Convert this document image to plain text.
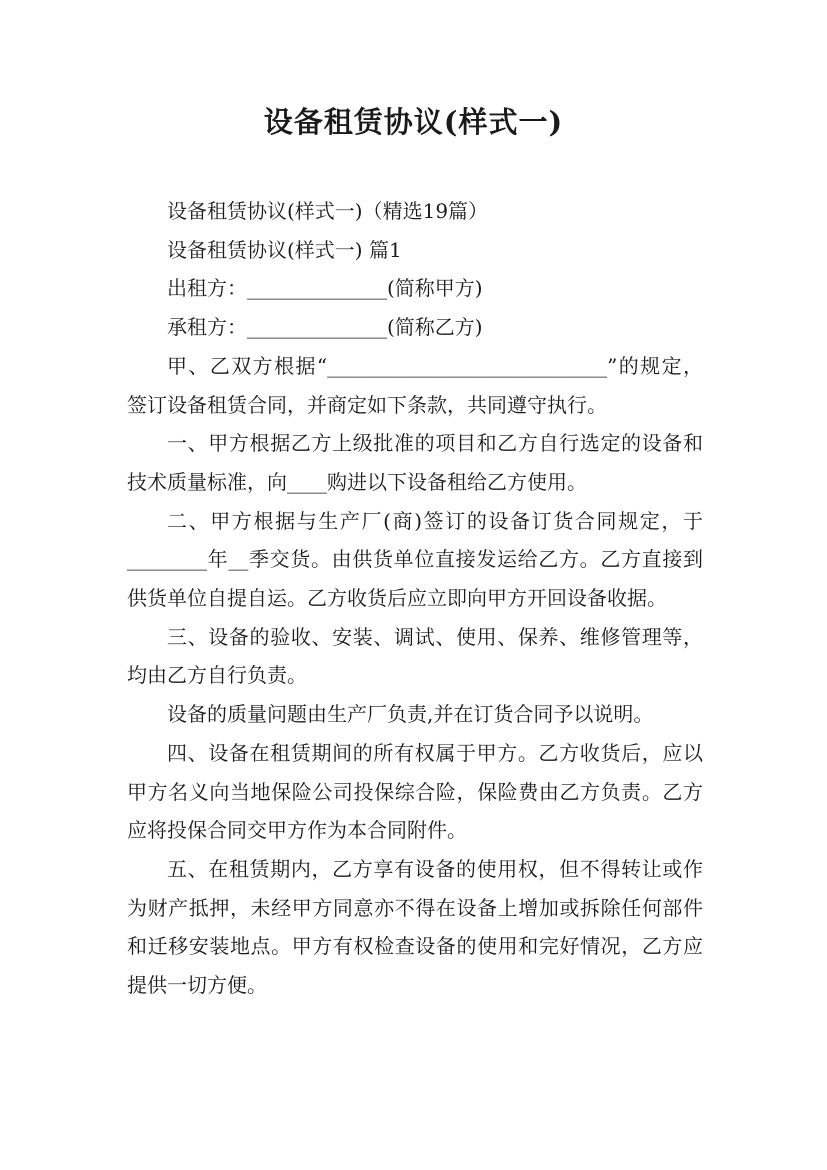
设备租赁协议(样式一)

设备租赁协议(样式一)（精选19篇）

设备租赁协议(样式一) 篇1

出租方：______________(简称甲方)

承租方：______________(简称乙方)

甲、乙双方根据“____________________________”的规定，签订设备租赁合同，并商定如下条款，共同遵守执行。

一、甲方根据乙方上级批准的项目和乙方自行选定的设备和技术质量标准，向____购进以下设备租给乙方使用。

二、甲方根据与生产厂(商)签订的设备订货合同规定，于________年__季交货。由供货单位直接发运给乙方。乙方直接到供货单位自提自运。乙方收货后应立即向甲方开回设备收据。

三、设备的验收、安装、调试、使用、保养、维修管理等，均由乙方自行负责。

设备的质量问题由生产厂负责,并在订货合同予以说明。

四、设备在租赁期间的所有权属于甲方。乙方收货后，应以甲方名义向当地保险公司投保综合险，保险费由乙方负责。乙方应将投保合同交甲方作为本合同附件。

五、在租赁期内，乙方享有设备的使用权，但不得转让或作为财产抵押，未经甲方同意亦不得在设备上增加或拆除任何部件和迁移安装地点。甲方有权检查设备的使用和完好情况，乙方应提供一切方便。
